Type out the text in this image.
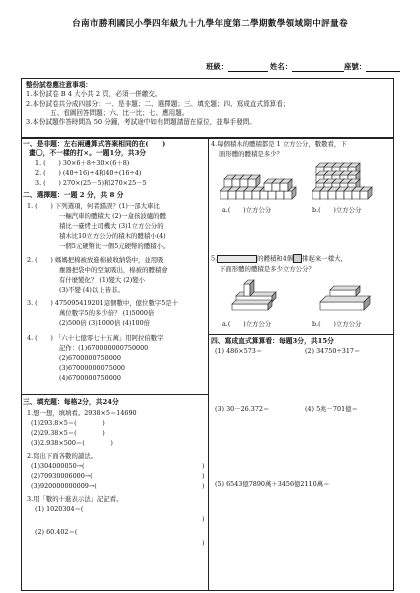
台南市勝利國民小學四年級九十九學年度第二學期數學領域期中評量卷
班級：	姓名：	座號：
整份試卷應注意事項：
1.本份試卷 B 4 大小共 2 頁，必須一併繳交。
2.本份試卷共分成四部分：一、是非題；二、選擇題；三、填充題；四、寫成直式算算看；
五、看圖回答問題；六、比一比；七、應用題。
3.本份試題作答時間為 50 分鐘，考試途中如有問題請留在原位，並舉手發問。
一、是非題：左右兩邊算式答案相同的在(　　)
畫〇，不一樣的打×。一題1分，共3分
1. (　　) 30×6＋8÷30×(6＋8)
2. (　　) (40÷16)÷4和40÷(16÷4)
3. (　　) 270×(25－5)和270×25－5
二、選擇題：一題 2 分，共 8 分
1. (　　) 下列選項，何者錯誤？(1)一部大車比
一輛汽車的體積大 (2)一盒孩波爐的體
積比一臺烤土司機大 (3)1立方公分的
積木比10立方公分的積木的體積小(4)
一個5元硬幣比一個5元硬幣的體積小。
2. (　　) 媽媽把棉被放進棉被收納袋中，並用吸
塵器把袋中的空氣吸出，棉被的體積會
有什麼變化？ (1)變大 (2)變小
(3)不變 (4)以上皆非。
3. (　　) 475095419201這個數中，億位數字5是十
萬位數字5的多少倍？ (1)5000倍
(2)500倍 (3)1000倍 (4)100倍
4. (　　) 「六十七億零七十五萬」用阿拉伯數字
記作：(1)670000000750000
(2)6700000750000
(3)67000000075000
(4)6700000750000
三、填充題：每格2分，共24分
1.想一想，填填看。2938×5＝14690
(1)293.8×5＝(　　　　)
(2)29.38×5＝(　　　　)
(3)2.938×500＝(　　　　)
2.寫出下面各數的讀法。
(1)304000050→(	)
(2)70930006000→(	)
(3)920000000009→(	)
3.用「數的十進表示法」記記看。
(1) 1020304＝(
)
(2) 60.402＝(
)
4.每個積木的體積都是 1 立方公分，數數看，下
面形體的體積是多少？
a.(　　)立方公分	b.(　　)立方公分
5.	的體積和4個 排起來一樣大，
下面形體的體積是多少立方公分？
a.(　　)立方公分	b.(　　)立方公分
四、寫成直式算算看：每題3分，共15分
(1) 486×573＝	(2) 34750÷317＝
(3) 30－26.372＝	(4) 5兆－701億＝
(5) 6543億7890萬＋3456億2110萬＝
